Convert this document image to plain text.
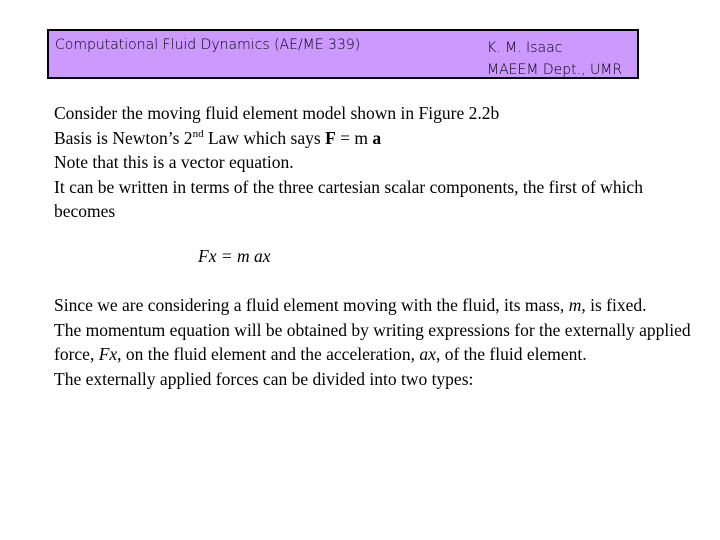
Computational Fluid Dynamics (AE/ME 339)	K. M. Isaac
MAEEM Dept., UMR

Consider the moving fluid element model shown in Figure 2.2b

Basis is Newton’s 2nd Law which says F = m a

Note that this is a vector equation.

It can be written in terms of the three cartesian scalar components, the first of which becomes

Fx = m ax

Since we are considering a fluid element moving with the fluid, its mass, m, is fixed.

The momentum equation will be obtained by writing expressions for the externally applied force, Fx, on the fluid element and the acceleration, ax, of the fluid element.

The externally applied forces can be divided into two types:
